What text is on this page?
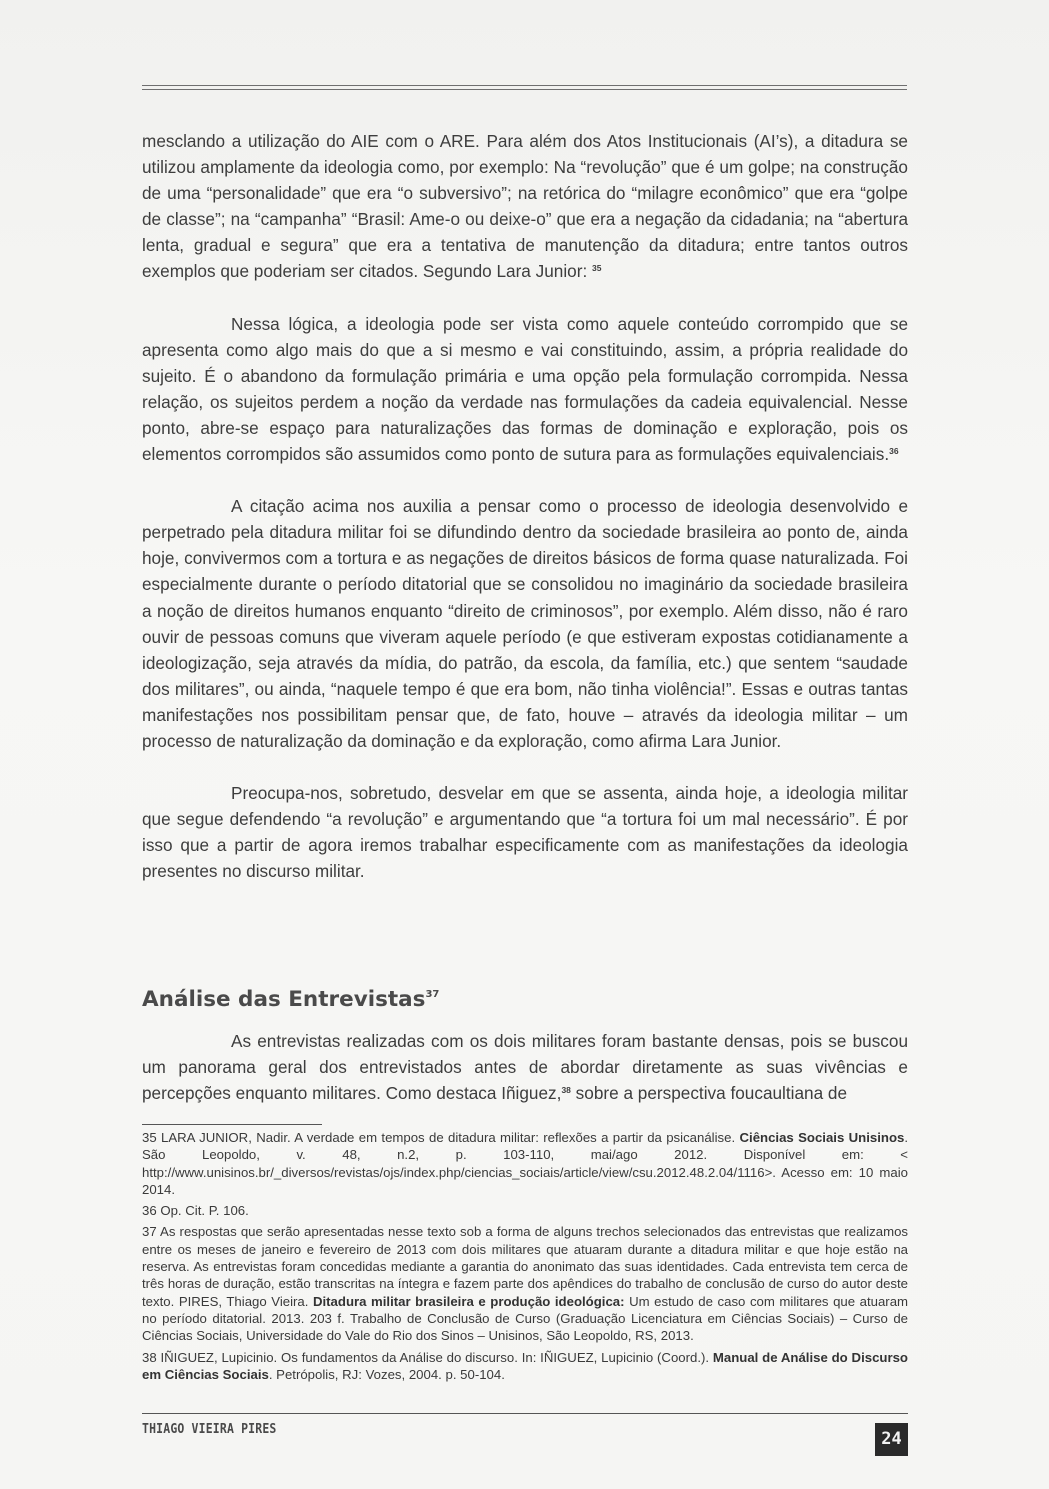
mesclando a utilização do AIE com o ARE. Para além dos Atos Institucionais (AI’s), a ditadura se utilizou amplamente da ideologia como, por exemplo: Na “revolução” que é um golpe; na construção de uma “personalidade” que era “o subversivo”; na retórica do “milagre econômico” que era “golpe de classe”; na “campanha” “Brasil: Ame-o ou deixe-o” que era a negação da cidadania; na “abertura lenta, gradual e segura” que era a tentativa de manutenção da ditadura; entre tantos outros exemplos que poderiam ser citados. Segundo Lara Junior: $^{35}$

Nessa lógica, a ideologia pode ser vista como aquele conteúdo corrompido que se apresenta como algo mais do que a si mesmo e vai constituindo, assim, a própria realidade do sujeito. É o abandono da formulação primária e uma opção pela formulação corrompida. Nessa relação, os sujeitos perdem a noção da verdade nas formulações da cadeia equivalencial. Nesse ponto, abre-se espaço para naturalizações das formas de dominação e exploração, pois os elementos corrompidos são assumidos como ponto de sutura para as formulações equivalenciais.$^{36}$

A citação acima nos auxilia a pensar como o processo de ideologia desenvolvido e perpetrado pela ditadura militar foi se difundindo dentro da sociedade brasileira ao ponto de, ainda hoje, convivermos com a tortura e as negações de direitos básicos de forma quase naturalizada. Foi especialmente durante o período ditatorial que se consolidou no imaginário da sociedade brasileira a noção de direitos humanos enquanto “direito de criminosos”, por exemplo. Além disso, não é raro ouvir de pessoas comuns que viveram aquele período (e que estiveram expostas cotidianamente a ideologização, seja através da mídia, do patrão, da escola, da família, etc.) que sentem “saudade dos militares”, ou ainda, “naquele tempo é que era bom, não tinha violência!”. Essas e outras tantas manifestações nos possibilitam pensar que, de fato, houve – através da ideologia militar – um processo de naturalização da dominação e da exploração, como afirma Lara Junior.

Preocupa-nos, sobretudo, desvelar em que se assenta, ainda hoje, a ideologia militar que segue defendendo “a revolução” e argumentando que “a tortura foi um mal necessário”. É por isso que a partir de agora iremos trabalhar especificamente com as manifestações da ideologia presentes no discurso militar.

Análise das Entrevistas$^{37}$

As entrevistas realizadas com os dois militares foram bastante densas, pois se buscou um panorama geral dos entrevistados antes de abordar diretamente as suas vivências e percepções enquanto militares. Como destaca Iñiguez,$^{38}$ sobre a perspectiva foucaultiana de

35 LARA JUNIOR, Nadir. A verdade em tempos de ditadura militar: reflexões a partir da psicanálise. Ciências Sociais Unisinos. São Leopoldo, v. 48, n.2, p. 103-110, mai/ago 2012. Disponível em: < http://www.unisinos.br/_diversos/revistas/ojs/index.php/ciencias_sociais/article/view/csu.2012.48.2.04/1116>. Acesso em: 10 maio 2014.

36 Op. Cit. P. 106.

37 As respostas que serão apresentadas nesse texto sob a forma de alguns trechos selecionados das entrevistas que realizamos entre os meses de janeiro e fevereiro de 2013 com dois militares que atuaram durante a ditadura militar e que hoje estão na reserva. As entrevistas foram concedidas mediante a garantia do anonimato das suas identidades. Cada entrevista tem cerca de três horas de duração, estão transcritas na íntegra e fazem parte dos apêndices do trabalho de conclusão de curso do autor deste texto. PIRES, Thiago Vieira. Ditadura militar brasileira e produção ideológica: Um estudo de caso com militares que atuaram no período ditatorial. 2013. 203 f. Trabalho de Conclusão de Curso (Graduação Licenciatura em Ciências Sociais) – Curso de Ciências Sociais, Universidade do Vale do Rio dos Sinos – Unisinos, São Leopoldo, RS, 2013.

38 IÑIGUEZ, Lupicinio. Os fundamentos da Análise do discurso. In: IÑIGUEZ, Lupicinio (Coord.). Manual de Análise do Discurso em Ciências Sociais. Petrópolis, RJ: Vozes, 2004. p. 50-104.

THIAGO VIEIRA PIRES	24
